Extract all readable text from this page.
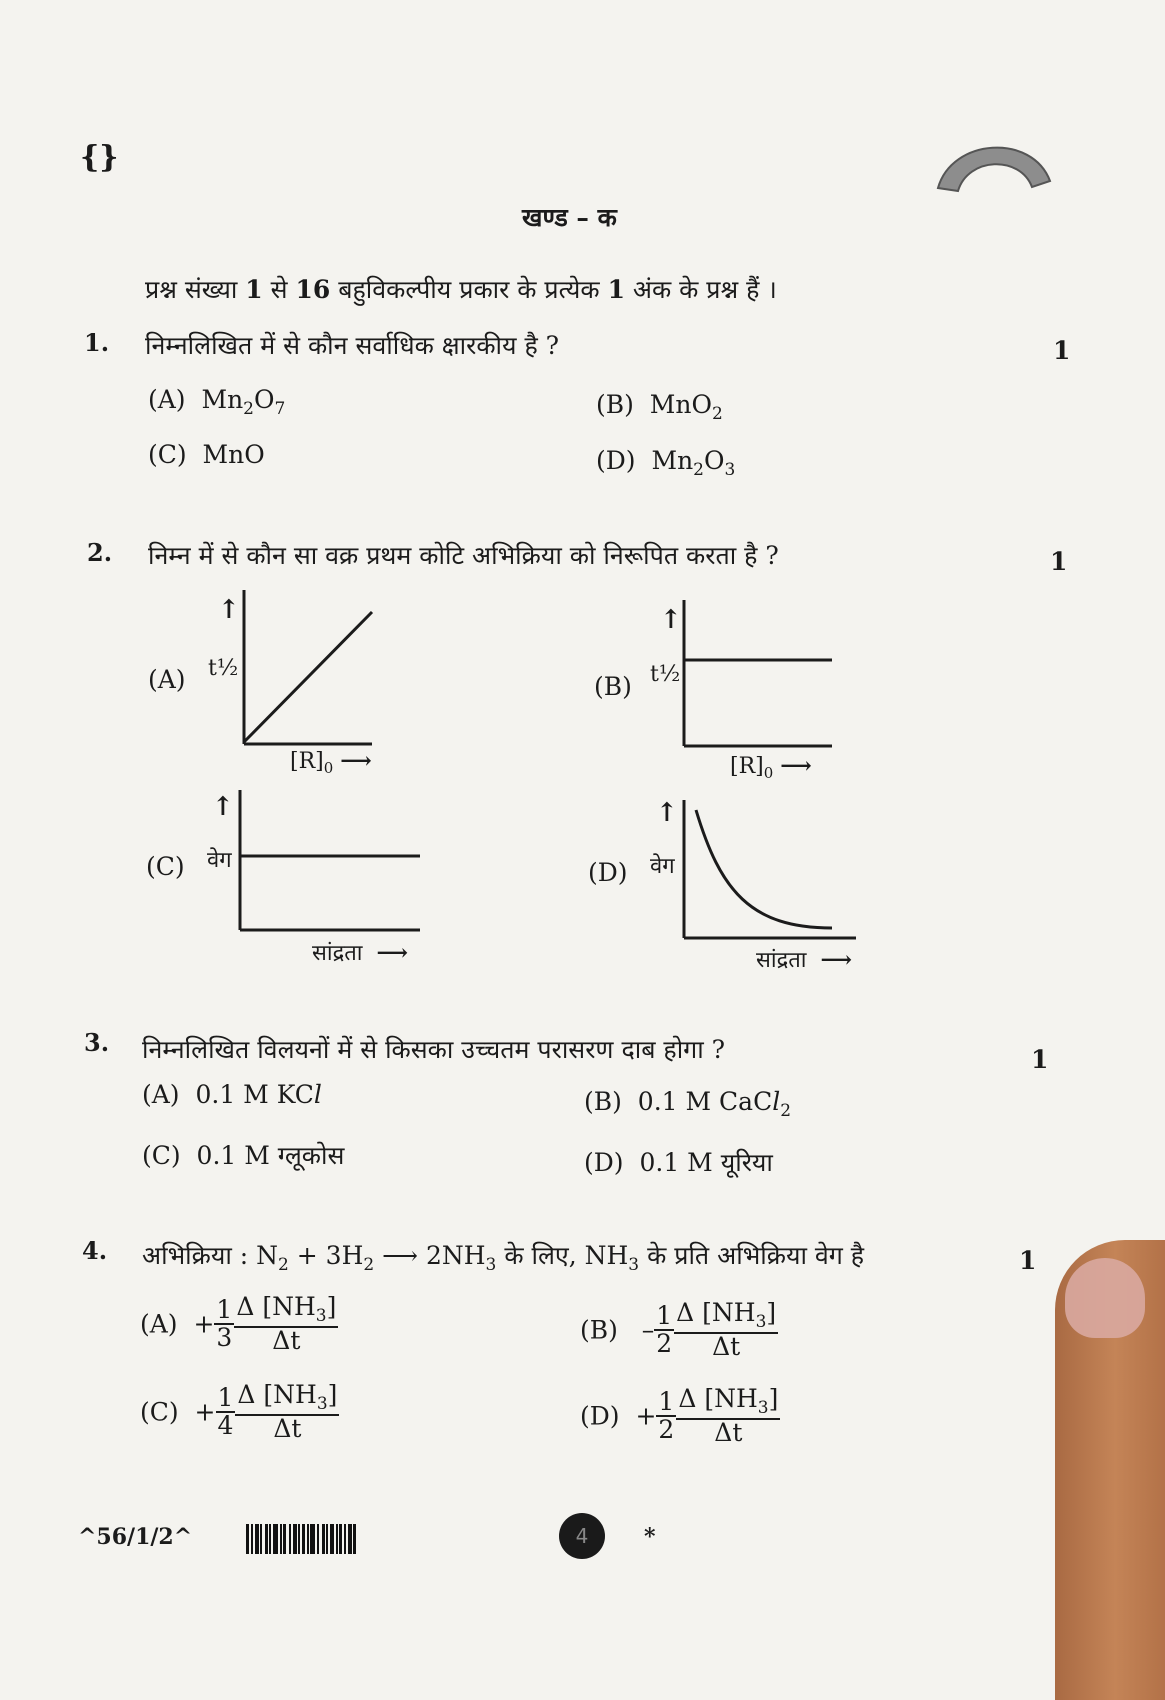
{}
खण्ड – क
प्रश्न संख्या 1 से 16 बहुविकल्पीय प्रकार के प्रत्येक 1 अंक के प्रश्न हैं ।
1. निम्नलिखित में से कौन सर्वाधिक क्षारकीय है ?	1
(A) $Mn_2O_7$	(B) MnO$_2$
(C) MnO	(D) $Mn_2O_3$
2. निम्न में से कौन सा वक्र प्रथम कोटि अभिक्रिया को निरूपित करता है ?	1
(A)
↑
t½
$[R]_0$ ⟶
(B)
↑
t½
$[R]_0$ ⟶
(C)
↑
वेग
सांद्रता ⟶
(D)
↑
वेग
सांद्रता ⟶
3. निम्नलिखित विलयनों में से किसका उच्चतम परासरण दाब होगा ?	1
(A) 0.1 M KCl	(B) 0.1 M CaCl$_2$
(C) 0.1 M ग्लूकोस	(D) 0.1 M यूरिया
4. अभिक्रिया : $N_2 + 3H_2$ ⟶ $2NH_3$ के लिए, $NH_3$ के प्रति अभिक्रिया वेग है	1
$(A) + \frac{1}{3} \frac{\Delta [NH_3]}{\Delta t}$	$(B) - \frac{1}{2} \frac{\Delta [NH_3]}{\Delta t}$
$(C) + \frac{1}{4} \frac{\Delta [NH_3]}{\Delta t}$	$(D) + \frac{1}{2} \frac{\Delta [NH_3]}{\Delta t}$
^56/1/2^	4	*
